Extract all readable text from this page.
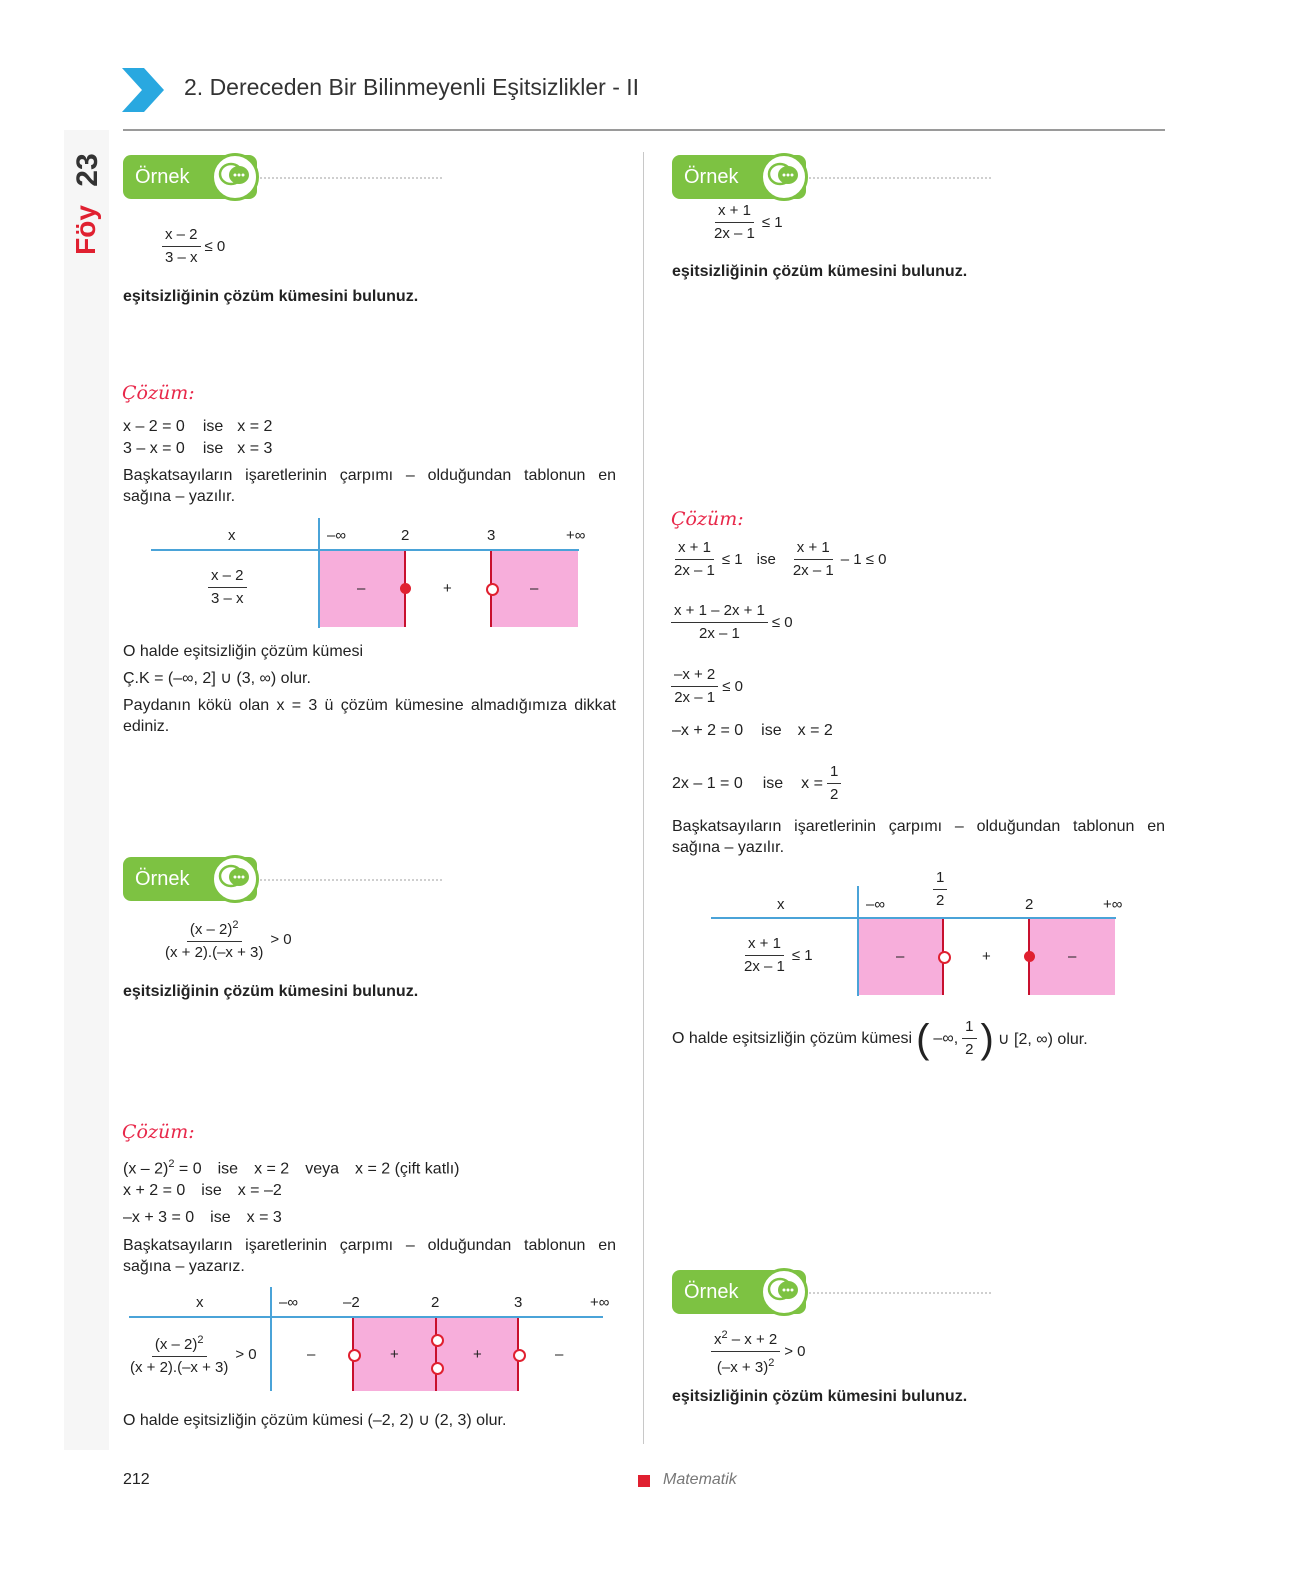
23
Föy
2. Dereceden Bir Bilinmeyenli Eşitsizlikler - II
Örnek
$\frac{x - 2}{3 - x} \le 0$
eşitsizliğinin çözüm kümesini bulunuz.
Çözüm:
x – 2 = 0 ise x = 2
3 – x = 0 ise x = 3
Başkatsayıların işaretlerinin çarpımı – olduğundan tablonun en sağına – yazılır.
x	–∞	2	3	+∞
$\frac{x - 2}{3 - x}$	–	+	–
O halde eşitsizliğin çözüm kümesi
Ç.K = (–∞, 2] ∪ (3, ∞) olur.
Paydanın kökü olan x = 3 ü çözüm kümesine almadığımıza dikkat ediniz.
Örnek
$\frac{(x - 2)^2}{(x + 2).(-x + 3)} > 0$
eşitsizliğinin çözüm kümesini bulunuz.
Çözüm:
(x – 2)$^2$ = 0 ise x = 2 veya x = 2 (çift katlı)
x + 2 = 0 ise x = –2
–x + 3 = 0 ise x = 3
Başkatsayıların işaretlerinin çarpımı – olduğundan tablonun en sağına – yazarız.
x	–∞	–2	2	3	+∞
$\frac{(x - 2)^2}{(x + 2).(-x + 3)} > 0$	–	+	+	–
O halde eşitsizliğin çözüm kümesi (–2, 2) ∪ (2, 3) olur.
Örnek
$\frac{x + 1}{2x - 1} \le 1$
eşitsizliğinin çözüm kümesini bulunuz.
Çözüm:
$\frac{x + 1}{2x - 1} \le 1$ ise $\frac{x + 1}{2x - 1} - 1 \le 0$
$\frac{x + 1 - 2x + 1}{2x - 1} \le 0$
$\frac{-x + 2}{2x - 1} \le 0$
–x + 2 = 0 ise x = 2
2x – 1 = 0 ise $x = \frac{1}{2}$
Başkatsayıların işaretlerinin çarpımı – olduğundan tablonun en sağına – yazılır.
x	–∞	$\frac{1}{2}$	2	+∞
$\frac{x + 1}{2x - 1} \le 1$	–	+	–
O halde eşitsizliğin çözüm kümesi ( –∞, $\frac{1}{2}$ ) ∪ [2, ∞) olur.
Örnek
$\frac{x^2 - x + 2}{(-x + 3)^2} > 0$
eşitsizliğinin çözüm kümesini bulunuz.
212	Matematik
